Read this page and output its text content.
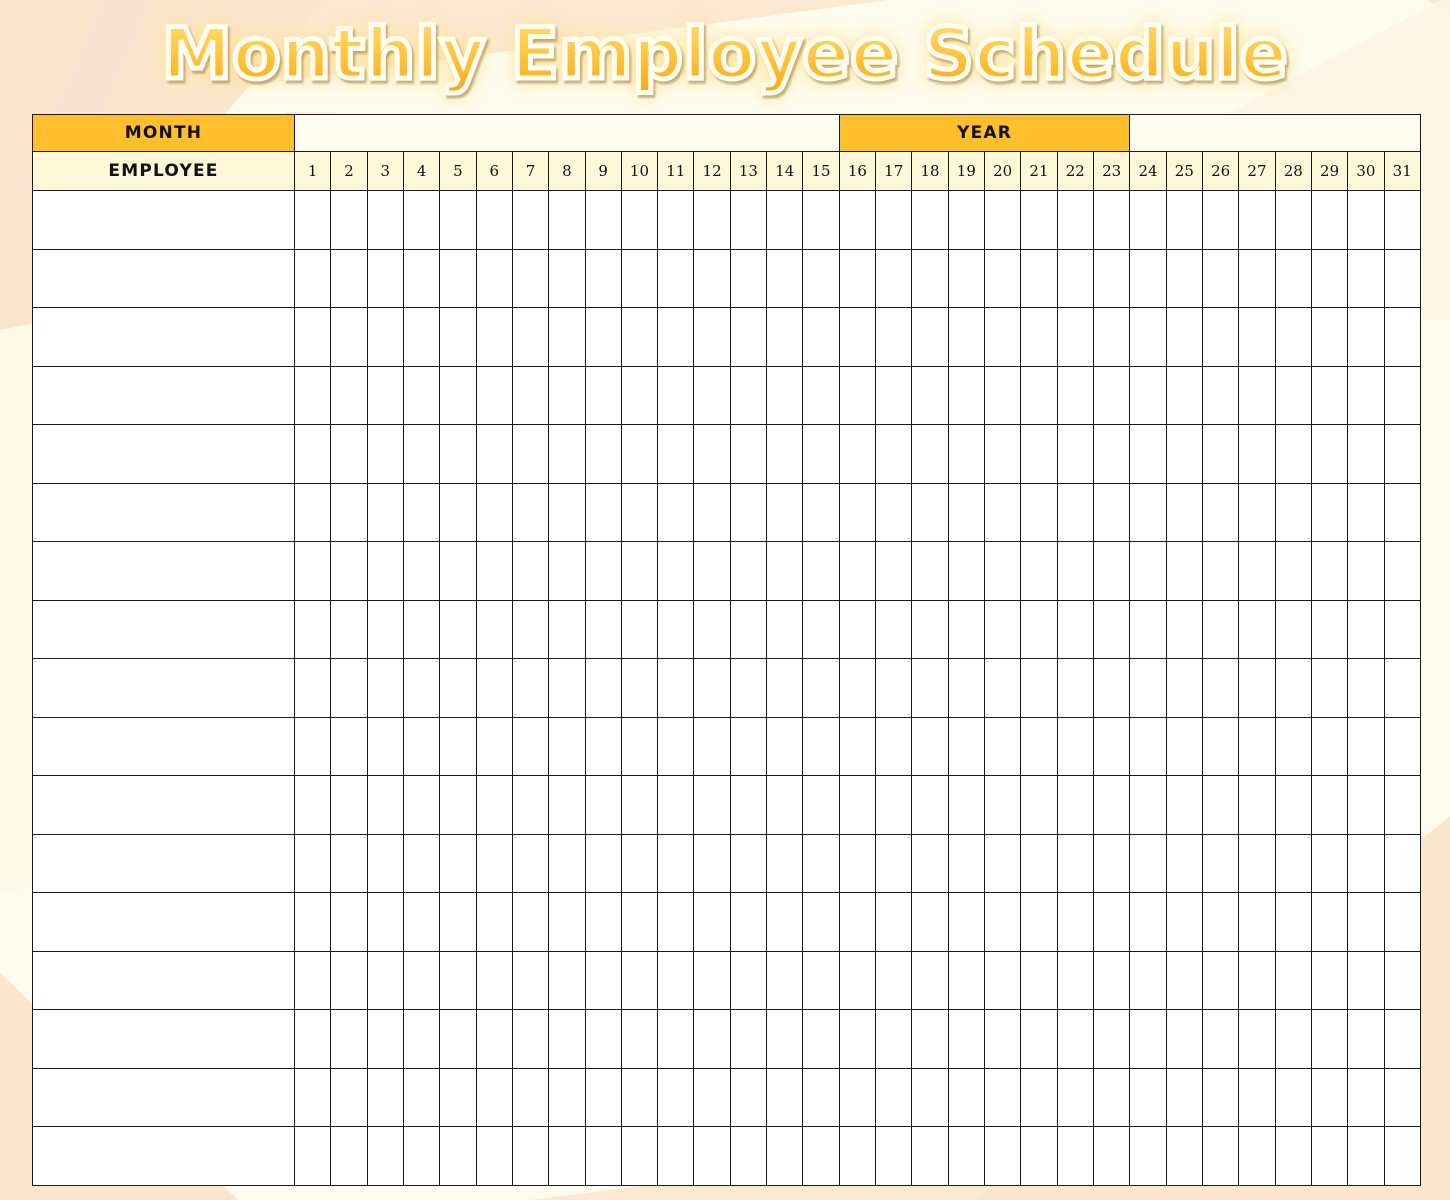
Monthly Employee Schedule
MONTH																YEAR															
EMPLOYEE	1	2	3	4	5	6	7	8	9	10	11	12	13	14	15	16	17	18	19	20	21	22	23	24	25	26	27	28	29	30	31
